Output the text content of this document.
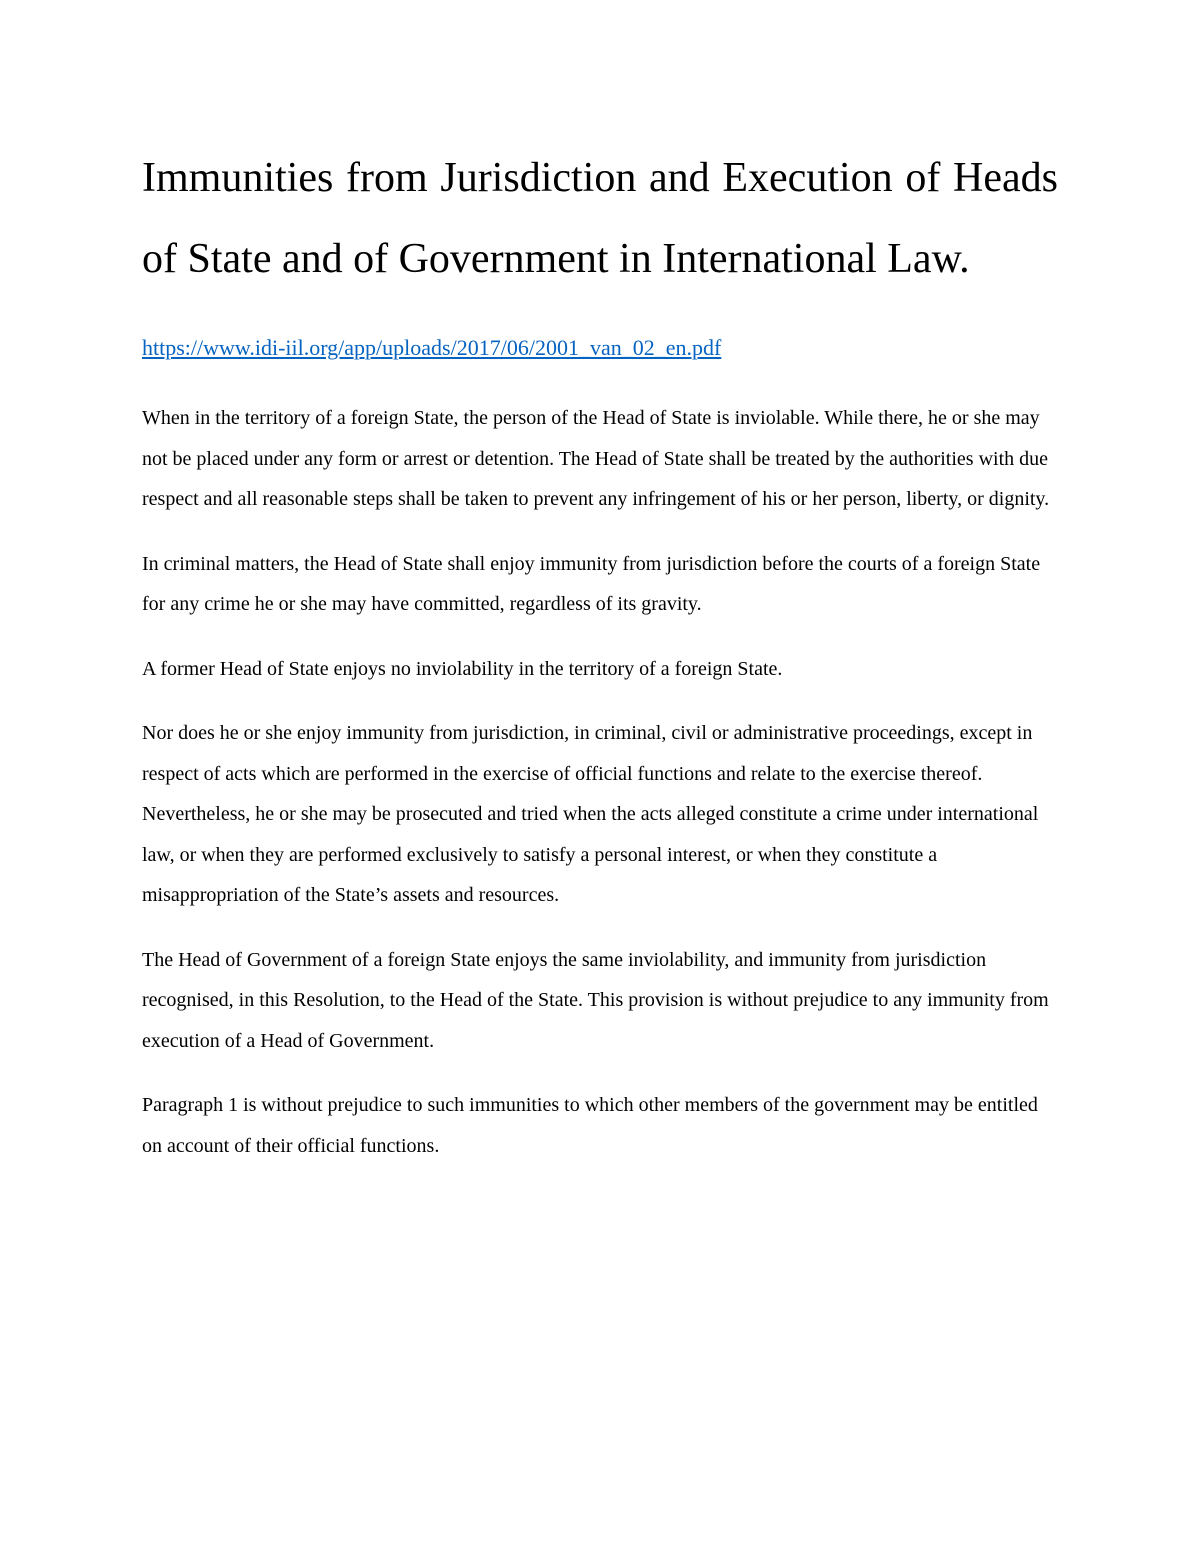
Immunities from Jurisdiction and Execution of Heads of State and of Government in International Law.
https://www.idi-iil.org/app/uploads/2017/06/2001_van_02_en.pdf

When in the territory of a foreign State, the person of the Head of State is inviolable. While there, he or she may not be placed under any form or arrest or detention. The Head of State shall be treated by the authorities with due respect and all reasonable steps shall be taken to prevent any infringement of his or her person, liberty, or dignity.

In criminal matters, the Head of State shall enjoy immunity from jurisdiction before the courts of a foreign State for any crime he or she may have committed, regardless of its gravity.

A former Head of State enjoys no inviolability in the territory of a foreign State.

Nor does he or she enjoy immunity from jurisdiction, in criminal, civil or administrative proceedings, except in respect of acts which are performed in the exercise of official functions and relate to the exercise thereof. Nevertheless, he or she may be prosecuted and tried when the acts alleged constitute a crime under international law, or when they are performed exclusively to satisfy a personal interest, or when they constitute a misappropriation of the State’s assets and resources.

The Head of Government of a foreign State enjoys the same inviolability, and immunity from jurisdiction recognised, in this Resolution, to the Head of the State. This provision is without prejudice to any immunity from execution of a Head of Government.

Paragraph 1 is without prejudice to such immunities to which other members of the government may be entitled on account of their official functions.
